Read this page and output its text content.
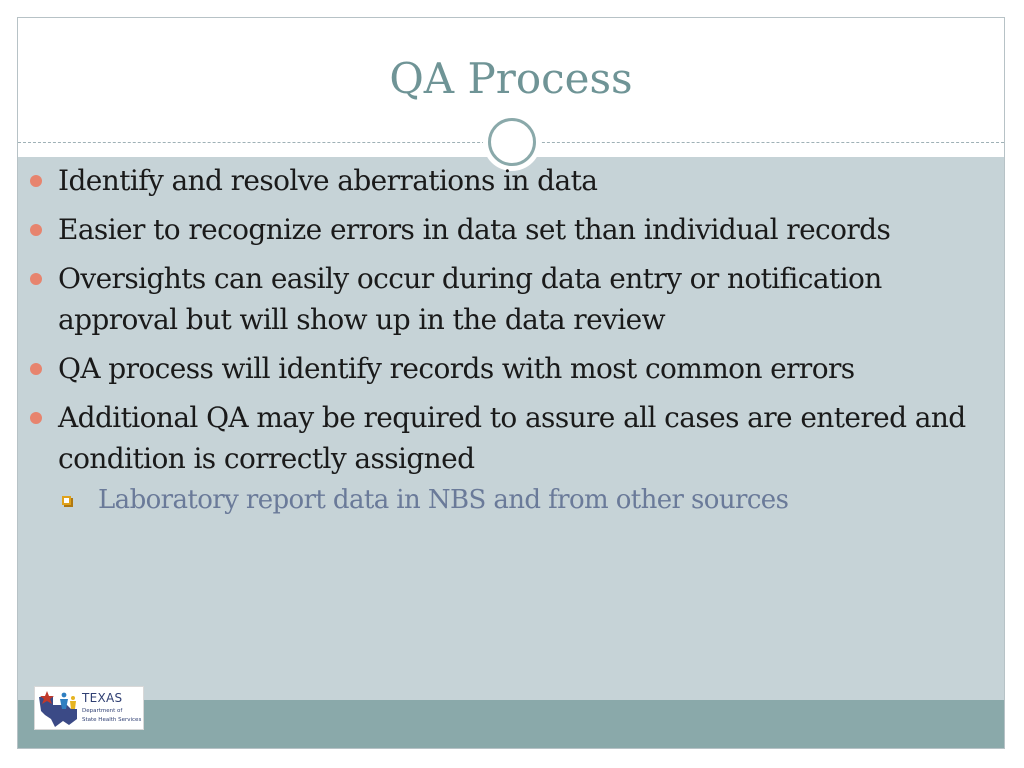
QA Process
Identify and resolve aberrations in data
Easier to recognize errors in data set than individual records
Oversights can easily occur during data entry or notification approval but will show up in the data review
QA process will identify records with most common errors
Additional QA may be required to assure all cases are entered and condition is correctly assigned
Laboratory report data in NBS and from other sources
TEXAS
Department of
State Health Services
